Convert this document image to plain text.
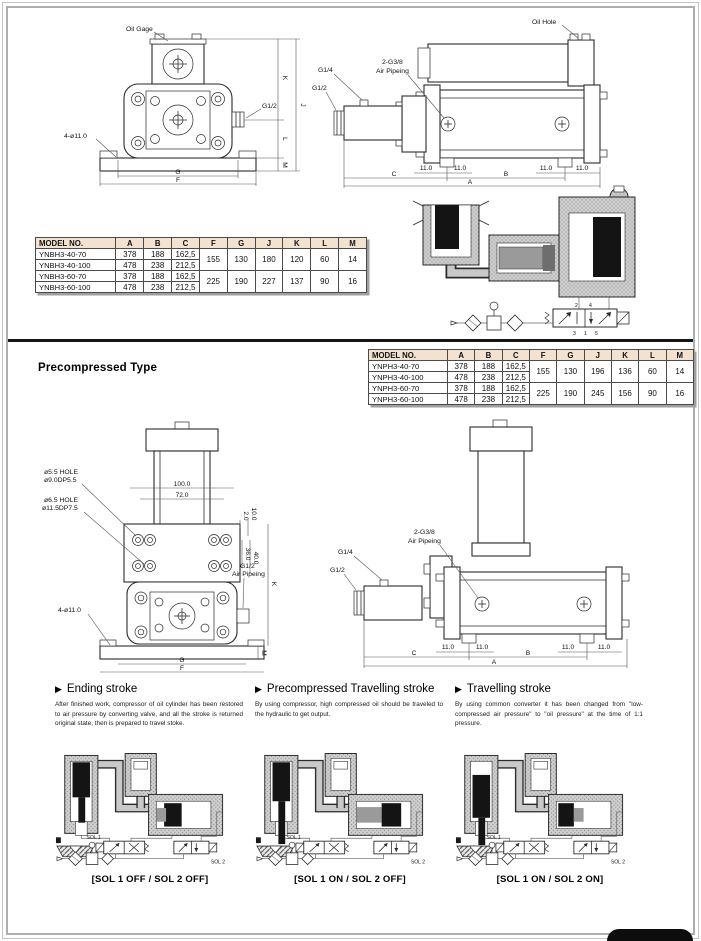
Oil Gage
G1/2
4-ø11.0
K
L
M
J
G
F
Oil Hole
2-G3/8
Air Pipeing
G1/4
G1/2
11.0	11.0	11.0	11.0
C	B
A
MODEL NO.	A	B	C	F	G	J	K	L	M
YNBH3-40-70	378	188	162,5	155	130	180	120	60	14
YNBH3-40-100	478	238	212,5						
YNBH3-60-70	378	188	162,5	225	190	227	137	90	16
YNBH3-60-100	478	238	212,5						
2 4
3 1 5
Precompressed Type
MODEL NO.	A	B	C	F	G	J	K	L	M
YNPH3-40-70	378	188	162,5	155	130	196	136	60	14
YNPH3-40-100	478	238	212,5						
YNPH3-60-70	378	188	162,5	225	190	245	156	90	16
YNPH3-60-100	478	238	212,5						
ø5.5 HOLE
ø9.0DP5.5
ø6.5 HOLE
ø11.5DP7.5
100.0
72.0
2.0 10.0
36.0 40.0
K
M
G1/2
Air Pipeing
4-ø11.0
G
F
2-G3/8
Air Pipeing
G1/4
G1/2
11.0	11.0	11.0	11.0
C	B
A
▶ Ending stroke
After finished work, compressor of oil cylinder has been restored to air pressure by converting valve, and all the stroke is returned original state, then is prepared to travel stoke.
SOL 1
SOL 2
[SOL 1 OFF / SOL 2 OFF]
▶ Precompressed Travelling stroke
By using compressor, high compressed oil should be traveled to the hydraulic to get output.
SOL 1
SOL 2
[SOL 1 ON / SOL 2 OFF]
▶ Travelling stroke
By using common converter it has been changed from "low-compressed air pressure" to "oil pressure" at the time of 1:1 pressure.
SOL 1
SOL 2
[SOL 1 ON / SOL 2 ON]
